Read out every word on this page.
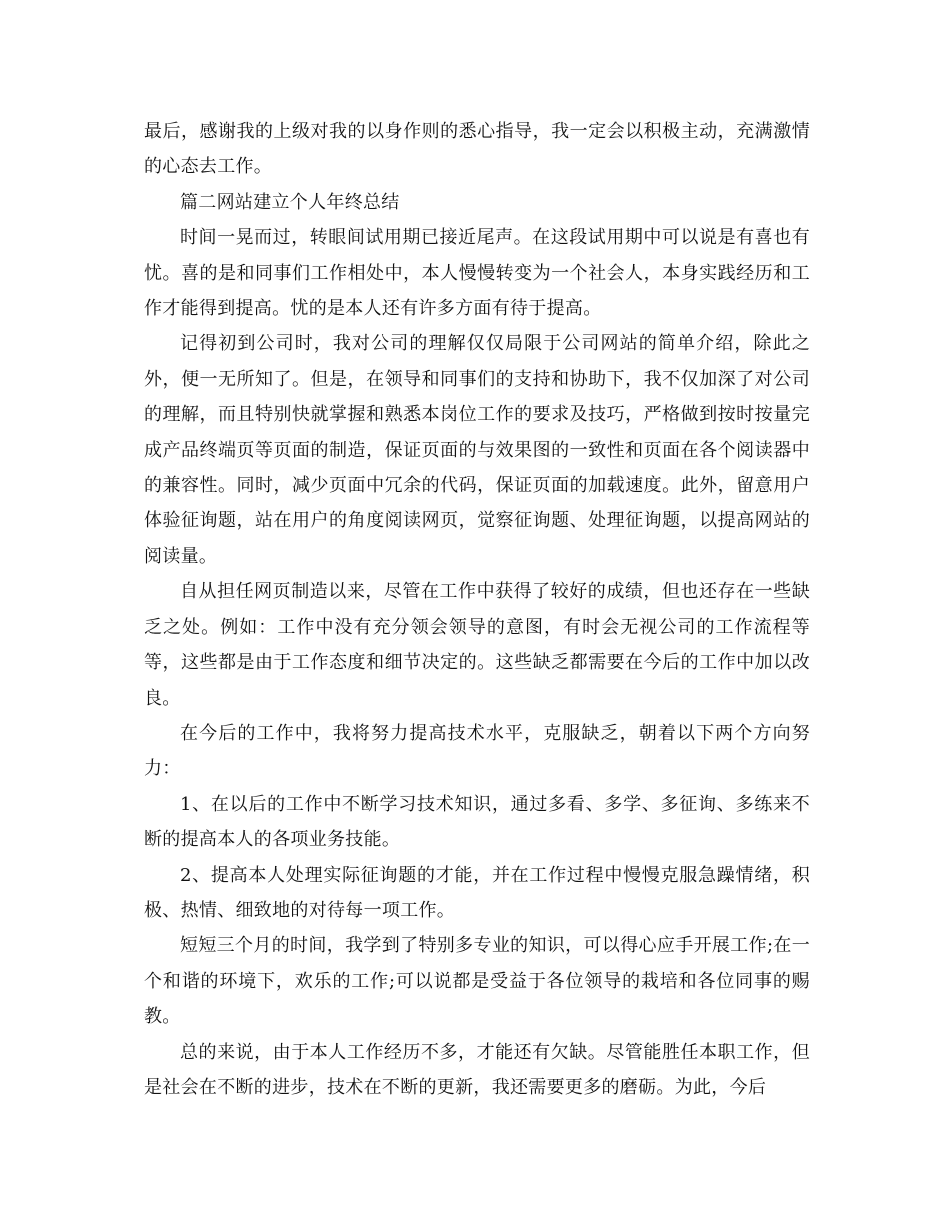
最后，感谢我的上级对我的以身作则的悉心指导，我一定会以积极主动，充满激情的心态去工作。

篇二网站建立个人年终总结

时间一晃而过，转眼间试用期已接近尾声。在这段试用期中可以说是有喜也有忧。喜的是和同事们工作相处中，本人慢慢转变为一个社会人，本身实践经历和工作才能得到提高。忧的是本人还有许多方面有待于提高。

记得初到公司时，我对公司的理解仅仅局限于公司网站的简单介绍，除此之外，便一无所知了。但是，在领导和同事们的支持和协助下，我不仅加深了对公司的理解，而且特别快就掌握和熟悉本岗位工作的要求及技巧，严格做到按时按量完成产品终端页等页面的制造，保证页面的与效果图的一致性和页面在各个阅读器中的兼容性。同时，减少页面中冗余的代码，保证页面的加载速度。此外，留意用户体验征询题，站在用户的角度阅读网页，觉察征询题、处理征询题，以提高网站的阅读量。

自从担任网页制造以来，尽管在工作中获得了较好的成绩，但也还存在一些缺乏之处。例如：工作中没有充分领会领导的意图，有时会无视公司的工作流程等等，这些都是由于工作态度和细节决定的。这些缺乏都需要在今后的工作中加以改良。

在今后的工作中，我将努力提高技术水平，克服缺乏，朝着以下两个方向努力：

1、在以后的工作中不断学习技术知识，通过多看、多学、多征询、多练来不断的提高本人的各项业务技能。

2、提高本人处理实际征询题的才能，并在工作过程中慢慢克服急躁情绪，积极、热情、细致地的对待每一项工作。

短短三个月的时间，我学到了特别多专业的知识，可以得心应手开展工作;在一个和谐的环境下，欢乐的工作;可以说都是受益于各位领导的栽培和各位同事的赐教。

总的来说，由于本人工作经历不多，才能还有欠缺。尽管能胜任本职工作，但是社会在不断的进步，技术在不断的更新，我还需要更多的磨砺。为此，今后
